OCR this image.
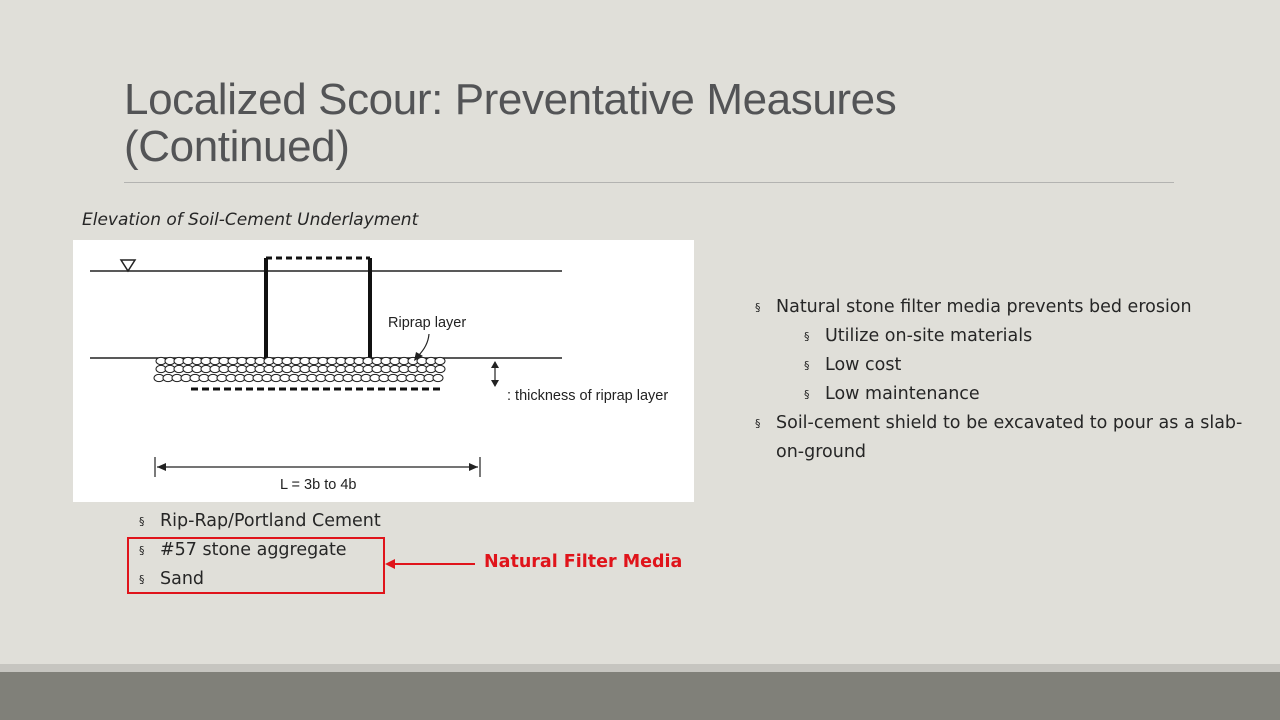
Localized Scour: Preventative Measures
(Continued)
Elevation of Soil-Cement Underlayment
Riprap layer
: thickness of riprap layer
L = 3b to 4b
§ Rip-Rap/Portland Cement
§ #57 stone aggregate
§ Sand
Natural Filter Media
§ Natural stone filter media prevents bed erosion
§ Utilize on-site materials
§ Low cost
§ Low maintenance
§ Soil-cement shield to be excavated to pour as a slab-on-ground
